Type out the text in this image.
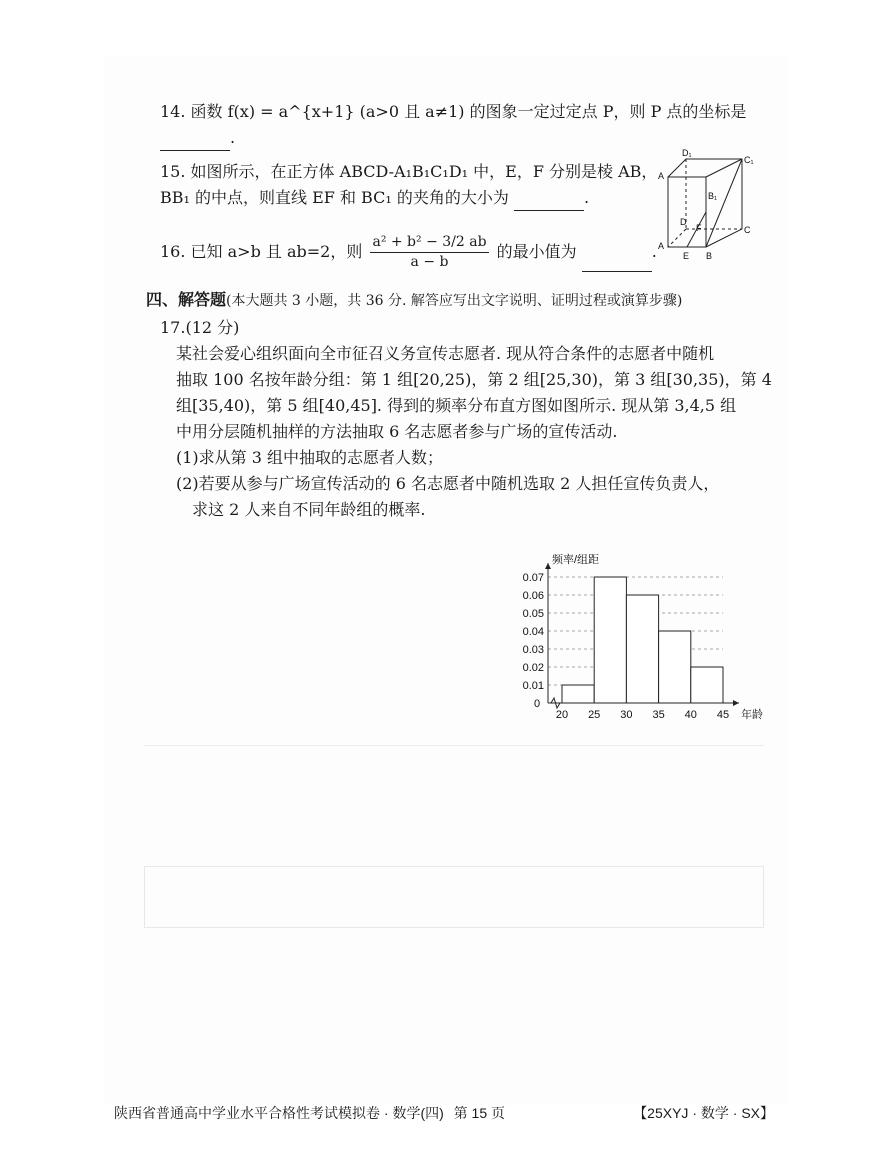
14. 函数 f(x) = a^{x+1} (a>0 且 a≠1) 的图象一定过定点 P，则 P 点的坐标是
.
15. 如图所示，在正方体 ABCD-A₁B₁C₁D₁ 中，E，F 分别是棱 AB，
BB₁ 的中点，则直线 EF 和 BC₁ 的夹角的大小为	.
D₁
A
C₁
B₁
D
F	C
A
E B
16. 已知 a>b 且 ab=2，则 $\frac{\text{a² + b² − 3/2 ab}}{a - b}$ 的最小值为	.
四、解答题(本大题共 3 小题，共 36 分. 解答应写出文字说明、证明过程或演算步骤)
17.(12 分)
某社会爱心组织面向全市征召义务宣传志愿者. 现从符合条件的志愿者中随机
抽取 100 名按年龄分组：第 1 组[20,25)，第 2 组[25,30)，第 3 组[30,35)，第 4
组[35,40)，第 5 组[40,45]. 得到的频率分布直方图如图所示. 现从第 3,4,5 组
中用分层随机抽样的方法抽取 6 名志愿者参与广场的宣传活动.
(1)求从第 3 组中抽取的志愿者人数；
(2)若要从参与广场宣传活动的 6 名志愿者中随机选取 2 人担任宣传负责人，
求这 2 人来自不同年龄组的概率.
0
0.01
0.02
0.03
0.04
0.05
0.06
0.07
20 25 30 35 40 45
频率/组距
年龄
陕西省普通高中学业水平合格性考试模拟卷 · 数学(四) 第 15 页	【25XYJ · 数学 · SX】
